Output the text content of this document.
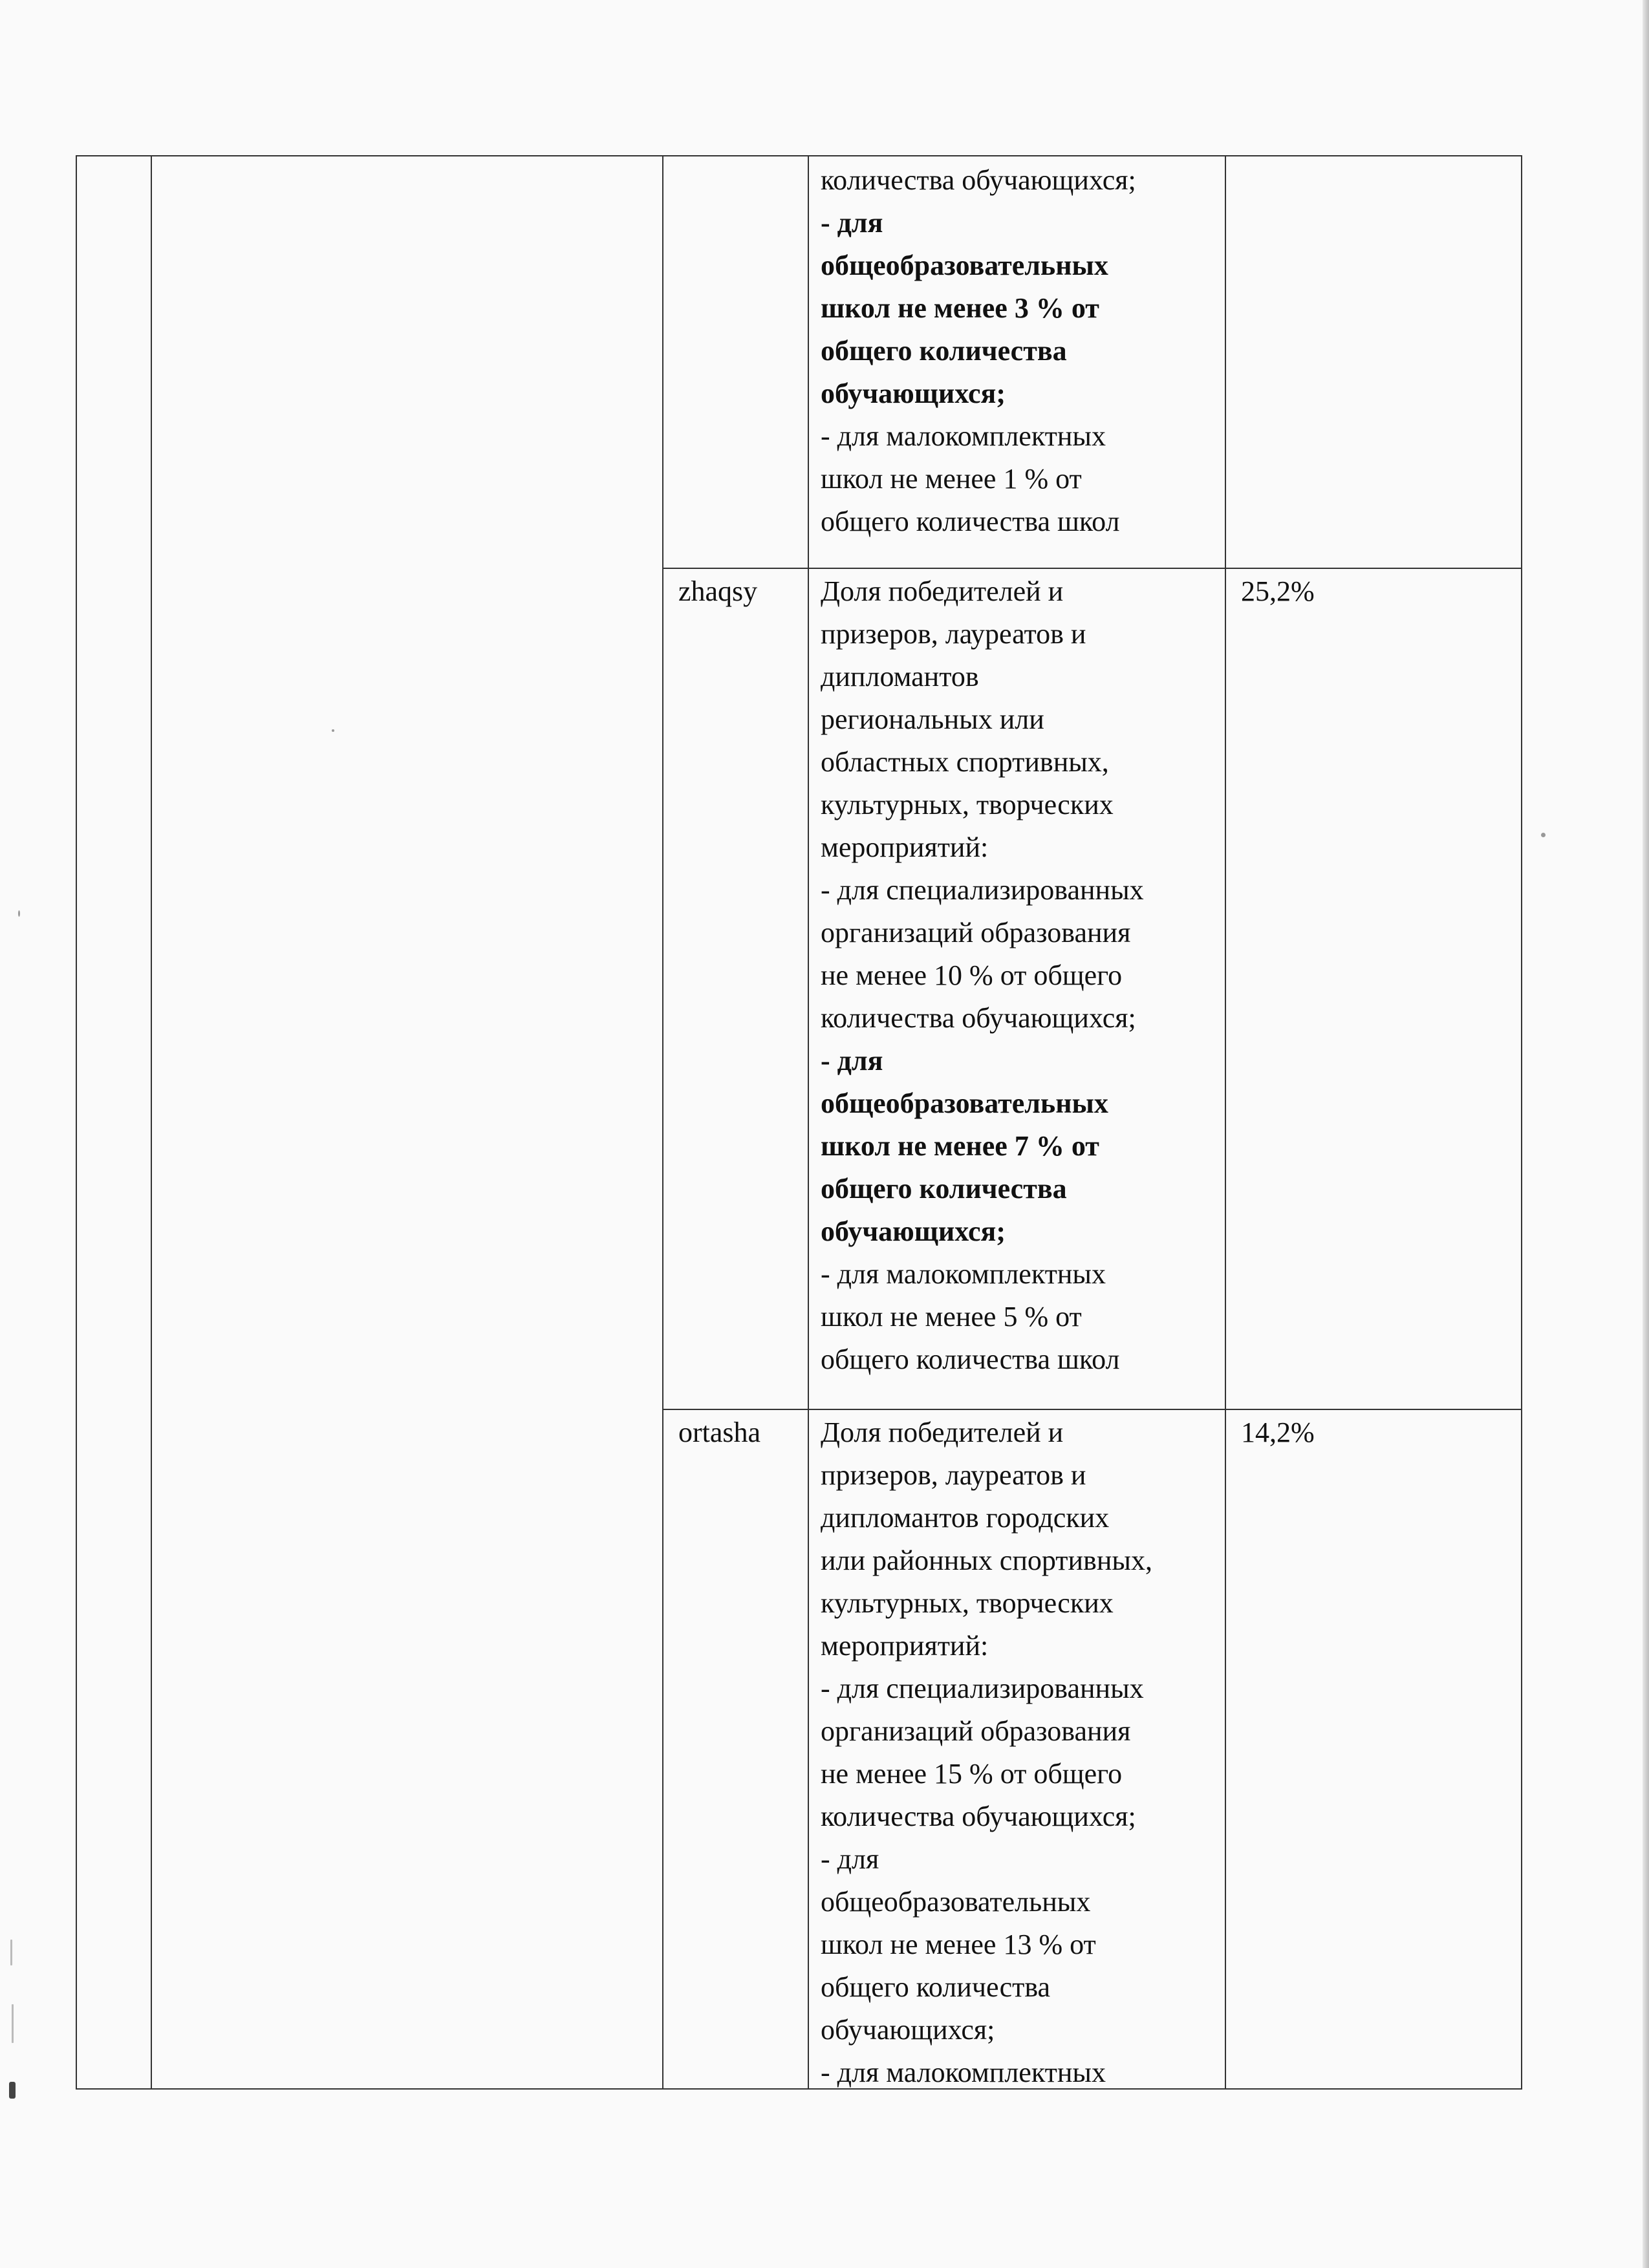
количества обучающихся;
- для
общеобразовательных
школ не менее 3 % от
общего количества
обучающихся;
- для малокомплектных
школ не менее 1 % от
общего количества школ
zhaqsy Доля победителей и
призеров, лауреатов и
дипломантов
региональных или
областных спортивных,
культурных, творческих
мероприятий:
- для специализированных
организаций образования
не менее 10 % от общего
количества обучающихся;
- для
общеобразовательных
школ не менее 7 % от
общего количества
обучающихся;
- для малокомплектных
школ не менее 5 % от
общего количества школ
25,2%
ortasha Доля победителей и
призеров, лауреатов и
дипломантов городских
или районных спортивных,
культурных, творческих
мероприятий:
- для специализированных
организаций образования
не менее 15 % от общего
количества обучающихся;
- для
общеобразовательных
школ не менее 13 % от
общего количества
обучающихся;
- для малокомплектных
14,2%
